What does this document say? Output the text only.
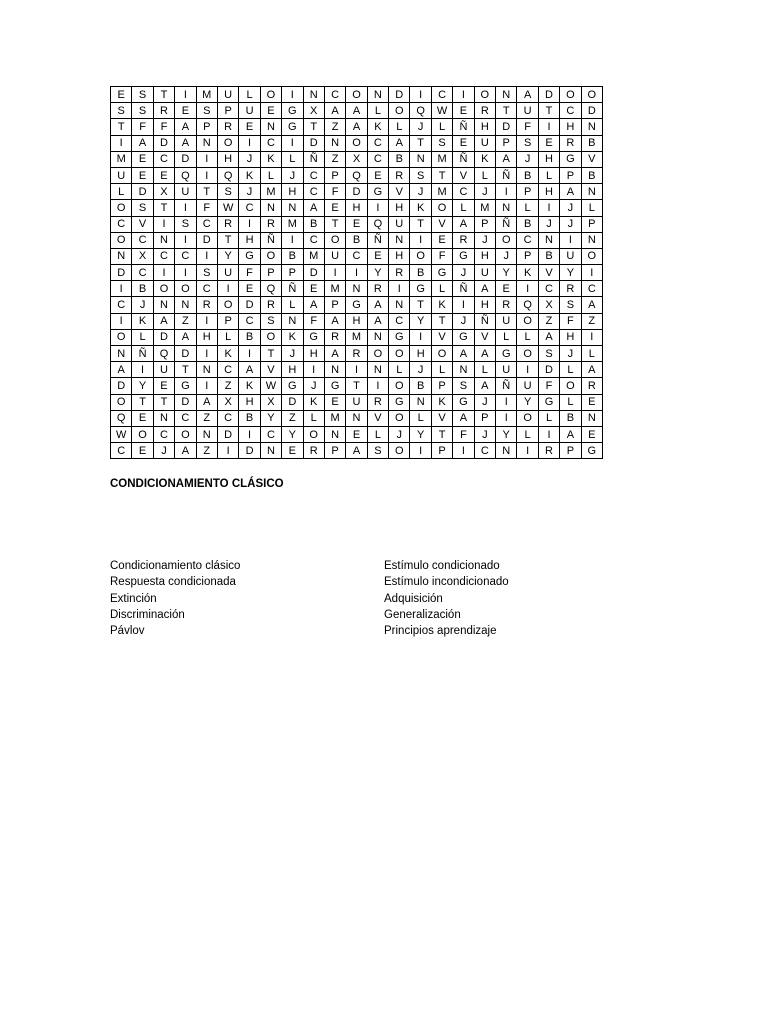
E	S	T	I	M	U	L	O	I	N	C	O	N	D	I	C	I	O	N	A	D	O	O
S	S	R	E	S	P	U	E	G	X	A	A	L	O	Q	W	E	R	T	U	T	C	D
T	F	F	A	P	R	E	N	G	T	Z	A	K	L	J	L	Ñ	H	D	F	I	H	N
I	A	D	A	N	O	I	C	I	D	N	O	C	A	T	S	E	U	P	S	E	R	B
M	E	C	D	I	H	J	K	L	Ñ	Z	X	C	B	N	M	Ñ	K	A	J	H	G	V
U	E	E	Q	I	Q	K	L	J	C	P	Q	E	R	S	T	V	L	Ñ	B	L	P	B
L	D	X	U	T	S	J	M	H	C	F	D	G	V	J	M	C	J	I	P	H	A	N
O	S	T	I	F	W	C	N	N	A	E	H	I	H	K	O	L	M	N	L	I	J	L
C	V	I	S	C	R	I	R	M	B	T	E	Q	U	T	V	A	P	Ñ	B	J	J	P
O	C	N	I	D	T	H	Ñ	I	C	O	B	Ñ	N	I	E	R	J	O	C	N	I	N
N	X	C	C	I	Y	G	O	B	M	U	C	E	H	O	F	G	H	J	P	B	U	O
D	C	I	I	S	U	F	P	P	D	I	I	Y	R	B	G	J	U	Y	K	V	Y	I
I	B	O	O	C	I	E	Q	Ñ	E	M	N	R	I	G	L	Ñ	A	E	I	C	R	C
C	J	N	N	R	O	D	R	L	A	P	G	A	N	T	K	I	H	R	Q	X	S	A
I	K	A	Z	I	P	C	S	N	F	A	H	A	C	Y	T	J	Ñ	U	O	Z	F	Z
O	L	D	A	H	L	B	O	K	G	R	M	N	G	I	V	G	V	L	L	A	H	I
N	Ñ	Q	D	I	K	I	T	J	H	A	R	O	O	H	O	A	A	G	O	S	J	L
A	I	U	T	N	C	A	V	H	I	N	I	N	L	J	L	N	L	U	I	D	L	A
D	Y	E	G	I	Z	K	W	G	J	G	T	I	O	B	P	S	A	Ñ	U	F	O	R
O	T	T	D	A	X	H	X	D	K	E	U	R	G	N	K	G	J	I	Y	G	L	E
Q	E	N	C	Z	C	B	Y	Z	L	M	N	V	O	L	V	A	P	I	O	L	B	N
W	O	C	O	N	D	I	C	Y	O	N	E	L	J	Y	T	F	J	Y	L	I	A	E
C	E	J	A	Z	I	D	N	E	R	P	A	S	O	I	P	I	C	N	I	R	P	G
CONDICIONAMIENTO CLÁSICO
Condicionamiento clásico
Respuesta condicionada
Extinción
Discriminación
Pávlov
Estímulo condicionado
Estímulo incondicionado
Adquisición
Generalización
Principios aprendizaje
